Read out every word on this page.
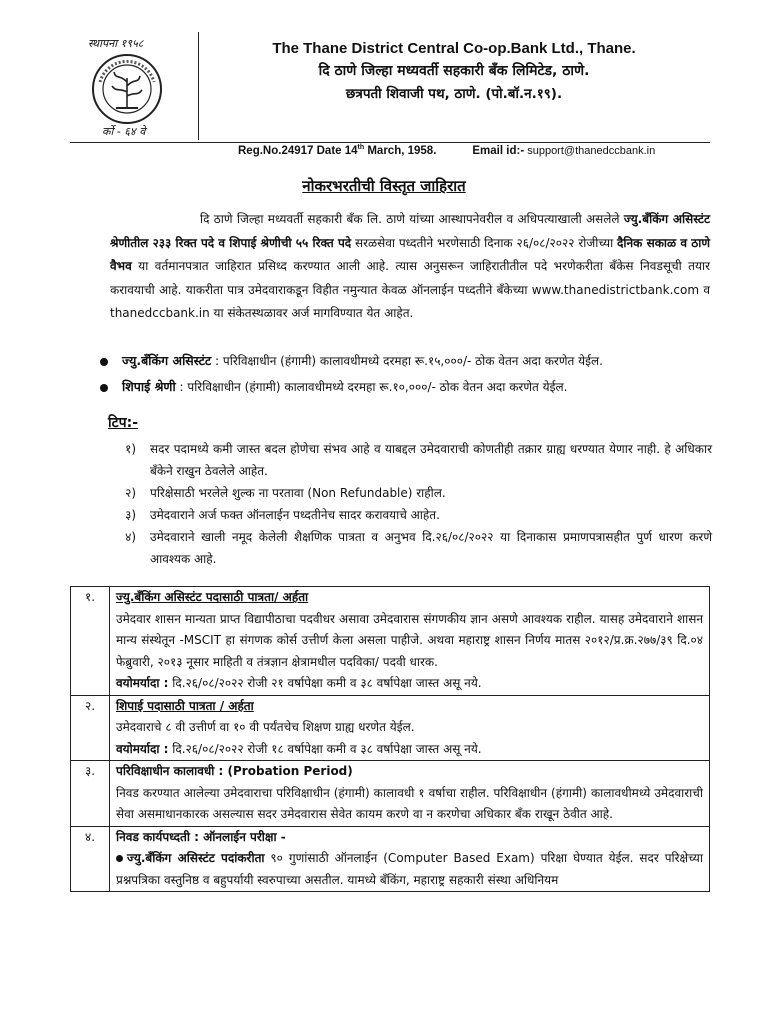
स्थापना १९५८
र्को - ६४ वे
The Thane District Central Co-op.Bank Ltd., Thane.
दि ठाणे जिल्हा मध्यवर्ती सहकारी बँक लिमिटेड, ठाणे.
छत्रपती शिवाजी पथ, ठाणे. (पो.बॉ.न.१९).
Reg.No.24917 Date 14th March, 1958.	Email id:- support@thanedccbank.in
नोकरभरतीची विस्तृत जाहिरात

दि ठाणे जिल्हा मध्यवर्ती सहकारी बँक लि. ठाणे यांच्या आस्थापनेवरील व अधिपत्याखाली असलेले ज्यु.बँकिंग असिस्टंट श्रेणीतील २३३ रिक्त पदे व शिपाई श्रेणीची ५५ रिक्त पदे सरळसेवा पध्दतीने भरणेसाठी दिनाक २६/०८/२०२२ रोजीच्या दैनिक सकाळ व ठाणे वैभव या वर्तमानपत्रात जाहिरात प्रसिध्द करण्यात आली आहे. त्यास अनुसरून जाहिरातीतील पदे भरणेकरीता बँकेस निवडसूची तयार करावयाची आहे. याकरीता पात्र उमेदवाराकडून विहीत नमुन्यात केवळ ऑनलाईन पध्दतीने बँकेच्या www.thanedistrictbank.com व thanedccbank.in या संकेतस्थळावर अर्ज मागविण्यात येत आहेत.

ज्यु.बँकिंग असिस्टंट : परिविक्षाधीन (हंगामी) कालावधीमध्ये दरमहा रू.१५,०००/- ठोक वेतन अदा करणेत येईल.
शिपाई श्रेणी : परिविक्षाधीन (हंगामी) कालावधीमध्ये दरमहा रू.१०,०००/- ठोक वेतन अदा करणेत येईल.
टिप:-
१)	सदर पदामध्ये कमी जास्त बदल होणेचा संभव आहे व याबद्दल उमेदवाराची कोणतीही तक्रार ग्राह्य धरण्यात येणार नाही. हे अधिकार बँकेने राखुन ठेवलेले आहेत.
२)	परिक्षेसाठी भरलेले शुल्क ना परतावा (Non Refundable) राहील.
३)	उमेदवाराने अर्ज फक्त ऑनलाईन पध्दतीनेच सादर करावयाचे आहेत.
४)	उमेदवाराने खाली नमूद केलेली शैक्षणिक पात्रता व अनुभव दि.२६/०८/२०२२ या दिनाकास प्रमाणपत्रासहीत पुर्ण धारण करणे आवश्यक आहे.
१.	ज्यु.बँकिंग असिस्टंट पदासाठी पात्रता/ अर्हता
उमेदवार शासन मान्यता प्राप्त विद्यापीठाचा पदवीधर असावा उमेदवारास संगणकीय ज्ञान असणे आवश्यक राहील. यासह उमेदवाराने शासन मान्य संस्थेतून -MSCIT हा संगणक कोर्स उत्तीर्ण केला असला पाहीजे. अथवा महाराष्ट्र शासन निर्णय मातस २०१२/प्र.क्र.२७७/३९ दि.०४ फेब्रुवारी, २०१३ नूसार माहिती व तंत्रज्ञान क्षेत्रामधील पदविका/ पदवी धारक.
वयोमर्यादा : दि.२६/०८/२०२२ रोजी २१ वर्षापेक्षा कमी व ३८ वर्षापेक्षा जास्त असू नये.

२.	शिपाई पदासाठी पात्रता / अर्हता
उमेदवाराचे ८ वी उत्तीर्ण वा १० वी पर्यंतचेच शिक्षण ग्राह्य धरणेत येईल.
वयोमर्यादा : दि.२६/०८/२०२२ रोजी १८ वर्षापेक्षा कमी व ३८ वर्षापेक्षा जास्त असू नये.

३.	परिविक्षाधीन कालावधी : (Probation Period)
निवड करण्यात आलेल्या उमेदवाराचा परिविक्षाधीन (हंगामी) कालावधी १ वर्षाचा राहील. परिविक्षाधीन (हंगामी) कालावधीमध्ये उमेदवाराची सेवा असमाधानकारक असल्यास सदर उमेदवारास सेवेत कायम करणे वा न करणेचा अधिकार बँक राखून ठेवीत आहे.

४.	निवड कार्यपध्दती : ऑनलाईन परीक्षा -
ज्यु.बँकिंग असिस्टंट पदांकरीता ९० गुणांसाठी ऑनलाईन (Computer Based Exam) परिक्षा घेण्यात येईल. सदर परिक्षेच्या प्रश्नपत्रिका वस्तुनिष्ठ व बहुपर्यायी स्वरुपाच्या असतील. यामध्ये बँकिंग, महाराष्ट्र सहकारी संस्था अधिनियम
